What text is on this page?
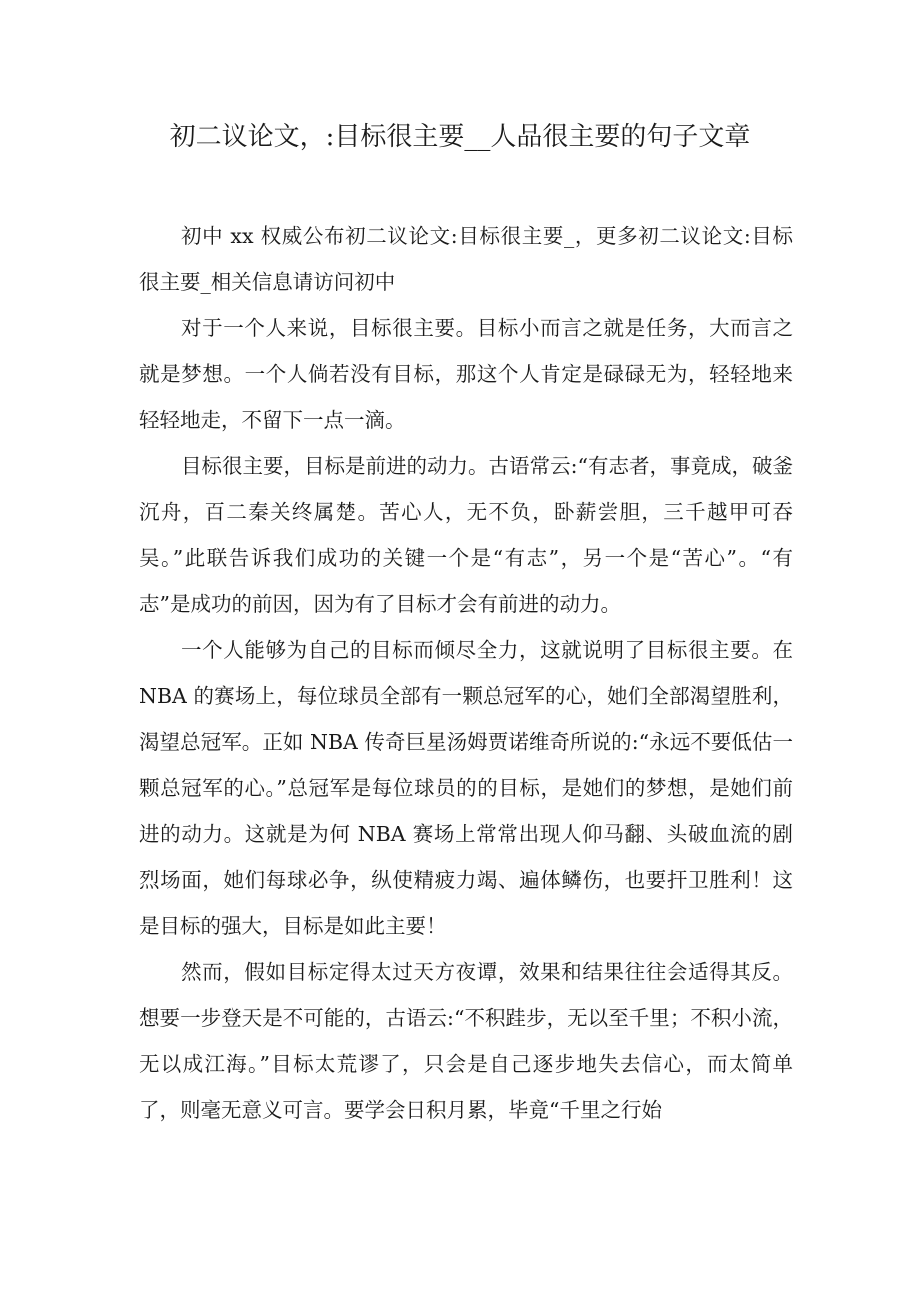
初二议论文，:目标很主要__人品很主要的句子文章

初中 xx 权威公布初二议论文:目标很主要_，更多初二议论文:目标很主要_相关信息请访问初中

对于一个人来说，目标很主要。目标小而言之就是任务，大而言之就是梦想。一个人倘若没有目标，那这个人肯定是碌碌无为，轻轻地来轻轻地走，不留下一点一滴。

目标很主要，目标是前进的动力。古语常云:“有志者，事竟成，破釜沉舟，百二秦关终属楚。苦心人，无不负，卧薪尝胆，三千越甲可吞吴。”此联告诉我们成功的关键一个是“有志”，另一个是“苦心”。“有志”是成功的前因，因为有了目标才会有前进的动力。

一个人能够为自己的目标而倾尽全力，这就说明了目标很主要。在 NBA 的赛场上，每位球员全部有一颗总冠军的心，她们全部渴望胜利，渴望总冠军。正如 NBA 传奇巨星汤姆贾诺维奇所说的:“永远不要低估一颗总冠军的心。”总冠军是每位球员的的目标，是她们的梦想，是她们前进的动力。这就是为何 NBA 赛场上常常出现人仰马翻、头破血流的剧烈场面，她们每球必争，纵使精疲力竭、遍体鳞伤，也要扞卫胜利！这是目标的强大，目标是如此主要！

然而，假如目标定得太过天方夜谭，效果和结果往往会适得其反。想要一步登天是不可能的，古语云:“不积跬步，无以至千里；不积小流，无以成江海。”目标太荒谬了，只会是自己逐步地失去信心，而太简单了，则毫无意义可言。要学会日积月累，毕竟“千里之行始
